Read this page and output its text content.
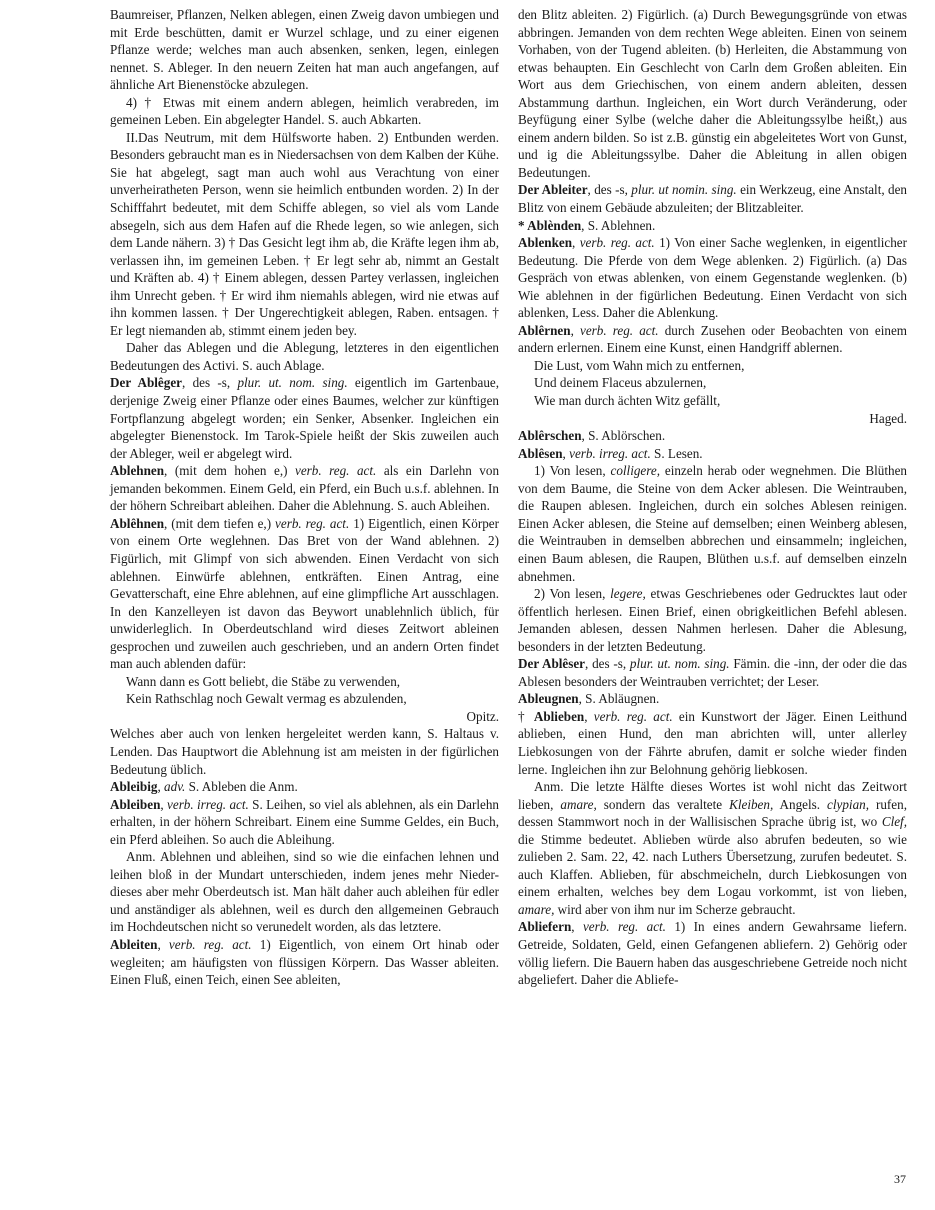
Baumreiser, Pflanzen, Nelken ablegen, einen Zweig davon umbiegen und mit Erde beschütten, damit er Wurzel schlage, und zu einer eigenen Pflanze werde; welches man auch absenken, senken, legen, einlegen nennet. S. Ableger. In den neuern Zeiten hat man auch angefangen, auf ähnliche Art Bienenstöcke abzulegen.

4) † Etwas mit einem andern ablegen, heimlich verabreden, im gemeinen Leben. Ein abgelegter Handel. S. auch Abkarten.

II.Das Neutrum, mit dem Hülfsworte haben. 2) Entbunden werden. Besonders gebraucht man es in Niedersachsen von dem Kalben der Kühe. Sie hat abgelegt, sagt man auch wohl aus Verachtung von einer unverheiratheten Person, wenn sie heimlich entbunden worden. 2) In der Schifffahrt bedeutet, mit dem Schiffe ablegen, so viel als vom Lande absegeln, sich aus dem Hafen auf die Rhede legen, so wie anlegen, sich dem Lande nähern. 3) † Das Gesicht legt ihm ab, die Kräfte legen ihm ab, verlassen ihn, im gemeinen Leben. † Er legt sehr ab, nimmt an Gestalt und Kräften ab. 4) † Einem ablegen, dessen Partey verlassen, ingleichen ihm Unrecht geben. † Er wird ihm niemahls ablegen, wird nie etwas auf ihn kommen lassen. † Der Ungerechtigkeit ablegen, Raben. entsagen. † Er legt niemanden ab, stimmt einem jeden bey.

Daher das Ablegen und die Ablegung, letzteres in den eigentlichen Bedeutungen des Activi. S. auch Ablage.

Der Ablêger, des -s, plur. ut. nom. sing. eigentlich im Gartenbaue, derjenige Zweig einer Pflanze oder eines Baumes, welcher zur künftigen Fortpflanzung abgelegt worden; ein Senker, Absenker. Ingleichen ein abgelegter Bienenstock. Im Tarok-Spiele heißt der Skis zuweilen auch der Ableger, weil er abgelegt wird.

Ablehnen, (mit dem hohen e,) verb. reg. act. als ein Darlehn von jemanden bekommen. Einem Geld, ein Pferd, ein Buch u.s.f. ablehnen. In der höhern Schreibart ableihen. Daher die Ablehnung. S. auch Ableihen.

Ablêhnen, (mit dem tiefen e,) verb. reg. act. 1) Eigentlich, einen Körper von einem Orte weglehnen. Das Bret von der Wand ablehnen. 2) Figürlich, mit Glimpf von sich abwenden. Einen Verdacht von sich ablehnen. Einwürfe ablehnen, entkräften. Einen Antrag, eine Gevatterschaft, eine Ehre ablehnen, auf eine glimpfliche Art ausschlagen. In den Kanzelleyen ist davon das Beywort unablehnlich üblich, für unwiderleglich. In Oberdeutschland wird dieses Zeitwort ableinen gesprochen und zuweilen auch geschrieben, und an andern Orten findet man auch ablenden dafür:

Wann dann es Gott beliebt, die Stäbe zu verwenden,

Kein Rathschlag noch Gewalt vermag es abzulenden,

Opitz.

Welches aber auch von lenken hergeleitet werden kann, S. Haltaus v. Lenden. Das Hauptwort die Ablehnung ist am meisten in der figürlichen Bedeutung üblich.

Ableibig, adv. S. Ableben die Anm.

Ableiben, verb. irreg. act. S. Leihen, so viel als ablehnen, als ein Darlehn erhalten, in der höhern Schreibart. Einem eine Summe Geldes, ein Buch, ein Pferd ableihen. So auch die Ableihung.

Anm. Ablehnen und ableihen, sind so wie die einfachen lehnen und leihen bloß in der Mundart unterschieden, indem jenes mehr Nieder- dieses aber mehr Oberdeutsch ist. Man hält daher auch ableihen für edler und anständiger als ablehnen, weil es durch den allgemeinen Gebrauch im Hochdeutschen nicht so verunedelt worden, als das letztere.

Ableiten, verb. reg. act. 1) Eigentlich, von einem Ort hinab oder wegleiten; am häufigsten von flüssigen Körpern. Das Wasser ableiten. Einen Fluß, einen Teich, einen See ableiten,

den Blitz ableiten. 2) Figürlich. (a) Durch Bewegungsgründe von etwas abbringen. Jemanden von dem rechten Wege ableiten. Einen von seinem Vorhaben, von der Tugend ableiten. (b) Herleiten, die Abstammung von etwas behaupten. Ein Geschlecht von Carln dem Großen ableiten. Ein Wort aus dem Griechischen, von einem andern ableiten, dessen Abstammung darthun. Ingleichen, ein Wort durch Veränderung, oder Beyfügung einer Sylbe (welche daher die Ableitungssylbe heißt,) aus einem andern bilden. So ist z.B. günstig ein abgeleitetes Wort von Gunst, und ig die Ableitungssylbe. Daher die Ableitung in allen obigen Bedeutungen.

Der Ableiter, des -s, plur. ut nomin. sing. ein Werkzeug, eine Anstalt, den Blitz von einem Gebäude abzuleiten; der Blitzableiter.

* Ablènden, S. Ablehnen.

Ablenken, verb. reg. act. 1) Von einer Sache weglenken, in eigentlicher Bedeutung. Die Pferde von dem Wege ablenken. 2) Figürlich. (a) Das Gespräch von etwas ablenken, von einem Gegenstande weglenken. (b) Wie ablehnen in der figürlichen Bedeutung. Einen Verdacht von sich ablenken, Less. Daher die Ablenkung.

Ablêrnen, verb. reg. act. durch Zusehen oder Beobachten von einem andern erlernen. Einem eine Kunst, einen Handgriff ablernen.

Die Lust, vom Wahn mich zu entfernen,

Und deinem Flaceus abzulernen,

Wie man durch ächten Witz gefällt,

Haged.

Ablêrschen, S. Ablörschen.

Ablêsen, verb. irreg. act. S. Lesen.

1) Von lesen, colligere, einzeln herab oder wegnehmen. Die Blüthen von dem Baume, die Steine von dem Acker ablesen. Die Weintrauben, die Raupen ablesen. Ingleichen, durch ein solches Ablesen reinigen. Einen Acker ablesen, die Steine auf demselben; einen Weinberg ablesen, die Weintrauben in demselben abbrechen und einsammeln; ingleichen, einen Baum ablesen, die Raupen, Blüthen u.s.f. auf demselben einzeln abnehmen.

2) Von lesen, legere, etwas Geschriebenes oder Gedrucktes laut oder öffentlich herlesen. Einen Brief, einen obrigkeitlichen Befehl ablesen. Jemanden ablesen, dessen Nahmen herlesen. Daher die Ablesung, besonders in der letzten Bedeutung.

Der Ablêser, des -s, plur. ut. nom. sing. Fämin. die -inn, der oder die das Ablesen besonders der Weintrauben verrichtet; der Leser.

Ableugnen, S. Abläugnen.

† Ablieben, verb. reg. act. ein Kunstwort der Jäger. Einen Leithund ablieben, einen Hund, den man abrichten will, unter allerley Liebkosungen von der Fährte abrufen, damit er solche wieder finden lerne. Ingleichen ihn zur Belohnung gehörig liebkosen.

Anm. Die letzte Hälfte dieses Wortes ist wohl nicht das Zeitwort lieben, amare, sondern das veraltete Kleiben, Angels. clypian, rufen, dessen Stammwort noch in der Wallisischen Sprache übrig ist, wo Clef, die Stimme bedeutet. Ablieben würde also abrufen bedeuten, so wie zulieben 2. Sam. 22, 42. nach Luthers Übersetzung, zurufen bedeutet. S. auch Klaffen. Ablieben, für abschmeicheln, durch Liebkosungen von einem erhalten, welches bey dem Logau vorkommt, ist von lieben, amare, wird aber von ihm nur im Scherze gebraucht.

Abliefern, verb. reg. act. 1) In eines andern Gewahrsame liefern. Getreide, Soldaten, Geld, einen Gefangenen abliefern. 2) Gehörig oder völlig liefern. Die Bauern haben das ausgeschriebene Getreide noch nicht abgeliefert. Daher die Abliefe-

37
